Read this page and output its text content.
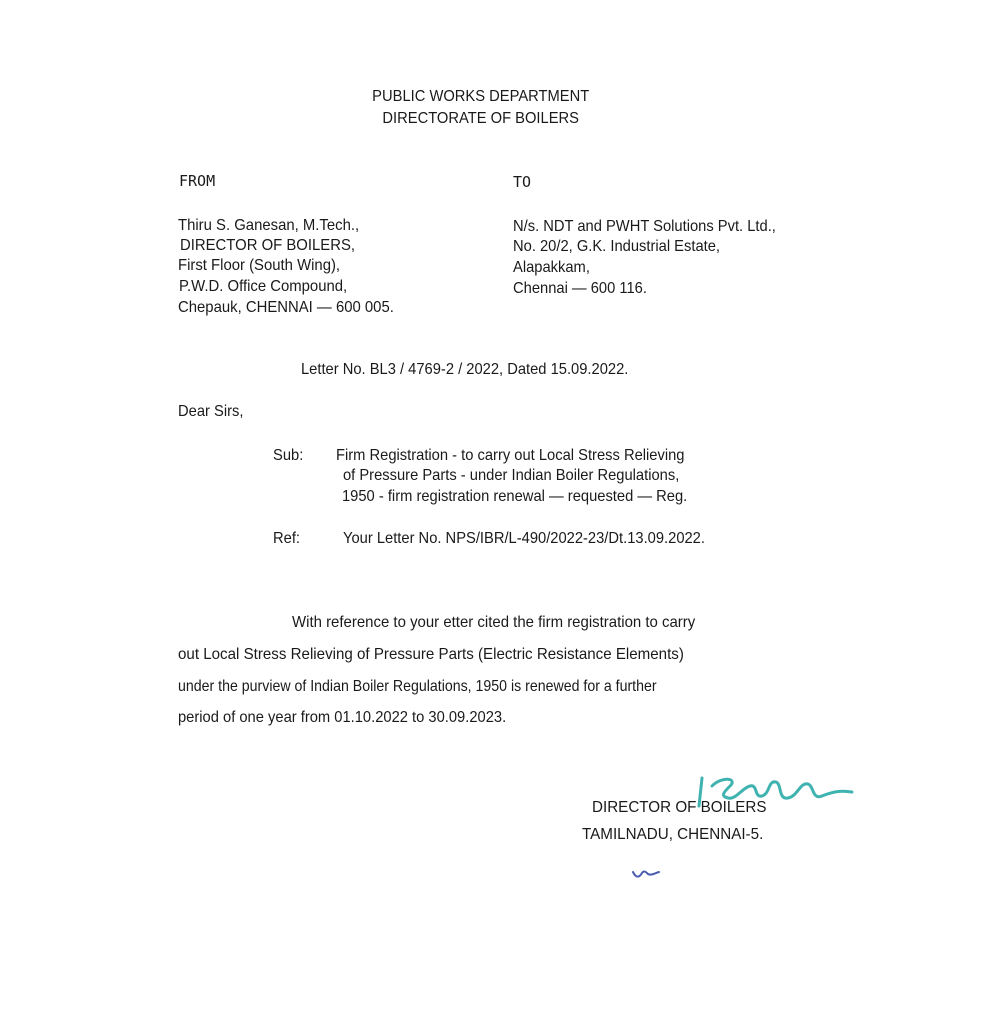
PUBLIC WORKS DEPARTMENT
DIRECTORATE OF BOILERS
FROM
Thiru S. Ganesan, M.Tech.,
DIRECTOR OF BOILERS,
First Floor (South Wing),
P.W.D. Office Compound,
Chepauk, CHENNAI — 600 005.
TO
N/s. NDT and PWHT Solutions Pvt. Ltd.,
No. 20/2, G.K. Industrial Estate,
Alapakkam,
Chennai — 600 116.
Letter No. BL3 / 4769-2 / 2022, Dated 15.09.2022.
Dear Sirs,
Sub: Firm Registration - to carry out Local Stress Relieving
of Pressure Parts - under Indian Boiler Regulations,
1950 - firm registration renewal — requested — Reg.
Ref:	Your Letter No. NPS/IBR/L-490/2022-23/Dt.13.09.2022.
With reference to your etter cited the firm registration to carry
out Local Stress Relieving of Pressure Parts (Electric Resistance Elements)
under the purview of Indian Boiler Regulations, 1950 is renewed for a further
period of one year from 01.10.2022 to 30.09.2023.
DIRECTOR OF BOILERS
TAMILNADU, CHENNAI-5.
